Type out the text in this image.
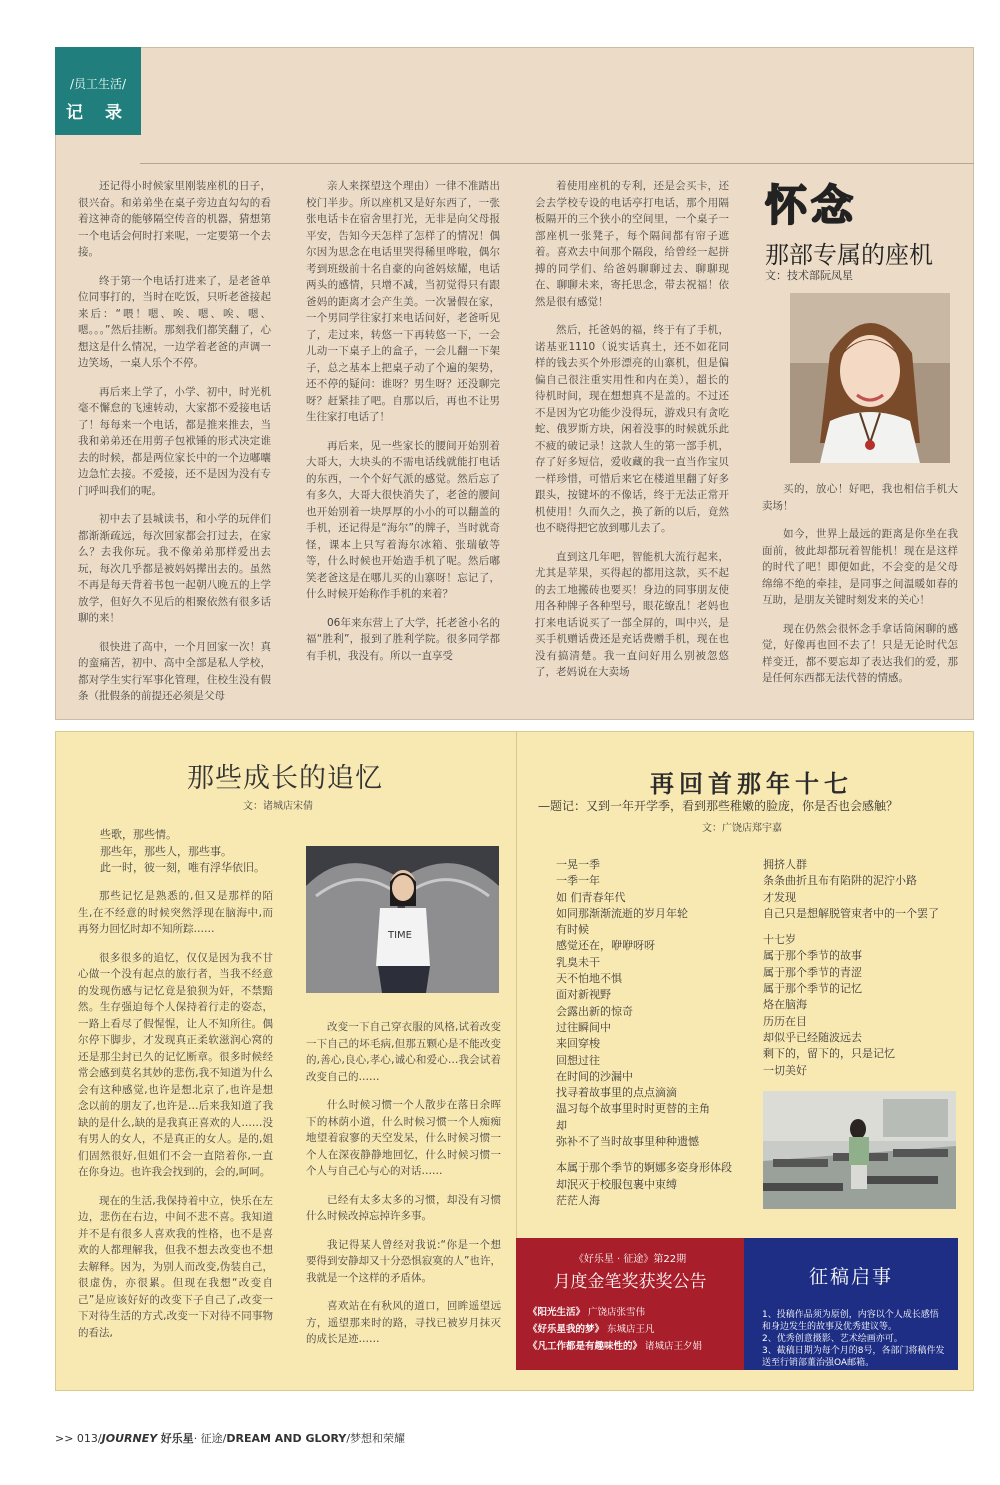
/员工生活/
记 录

还记得小时候家里刚装座机的日子，很兴奋。和弟弟坐在桌子旁边直勾勾的看着这神奇的能够隔空传音的机器，猜想第一个电话会何时打来呢，一定要第一个去接。

终于第一个电话打进来了，是老爸单位同事打的，当时在吃饭，只听老爸接起来后：“喂！嗯、唉、嗯、唉、嗯、嗯。。。”然后挂断。那刻我们都笑翻了，心想这是什么情况，一边学着老爸的声调一边笑场，一桌人乐个不停。

再后来上学了，小学、初中，时光机毫不懈怠的飞速转动，大家都不爱接电话了！每每来一个电话，都是推来推去，当我和弟弟还在用剪子包袱锤的形式决定谁去的时候，都是两位家长中的一个边嘟囔边急忙去接。不爱接，还不是因为没有专门呼叫我们的呢。

初中去了县城读书，和小学的玩伴们都渐渐疏远，每次回家都会打过去，在家么？去我你玩。我不像弟弟那样爱出去玩，每次几乎都是被妈妈撵出去的。虽然不再是每天背着书包一起朝八晚五的上学放学，但好久不见后的相聚依然有很多话聊的来！

很快进了高中，一个月回家一次！真的蛮痛苦，初中、高中全部是私人学校，都对学生实行军事化管理，住校生没有假条（批假条的前提还必须是父母

亲人来探望这个理由）一律不准踏出校门半步。所以座机又是好东西了，一张张电话卡在宿舍里打光，无非是向父母报平安，告知今天怎样了怎样了的情况！偶尔因为思念在电话里哭得稀里哗啦，偶尔考到班级前十名自豪的向爸妈炫耀，电话两头的感情，只增不减，当初觉得只有跟爸妈的距离才会产生美。一次暑假在家，一个男同学往家打来电话问好，老爸听见了，走过来，转悠一下再转悠一下，一会儿动一下桌子上的盒子，一会儿翻一下架子，总之基本上把桌子动了个遍的架势，还不停的疑问：谁呀？男生呀？还没聊完呀？赶紧挂了吧。自那以后，再也不让男生往家打电话了！

再后来，见一些家长的腰间开始别着大哥大，大块头的不需电话线就能打电话的东西，一个个好气派的感觉。然后忘了有多久，大哥大很快消失了，老爸的腰间也开始别着一块厚厚的小小的可以翻盖的手机，还记得是“海尔”的牌子，当时就奇怪，课本上只写着海尔冰箱、张瑞敏等等，什么时候也开始造手机了呢。然后嘟笑老爸这是在哪儿买的山寨呀！忘记了，什么时候开始称作手机的来着？

06年来东营上了大学，托老爸小名的福“胜利”，报到了胜利学院。很多同学都有手机，我没有。所以一直享受

着使用座机的专利，还是会买卡，还会去学校专设的电话亭打电话，那个用隔板隔开的三个狭小的空间里，一个桌子一部座机一张凳子，每个隔间都有帘子遮着。喜欢去中间那个隔段，给曾经一起拼搏的同学们、给爸妈聊聊过去、聊聊现在、聊聊未来，寄托思念，带去祝福！依然是很有感觉！

然后，托爸妈的福，终于有了手机，诺基亚1110（说实话真土，还不如花同样的钱去买个外形漂亮的山寨机，但是偏偏自己很注重实用性和内在美），超长的待机时间，现在想想真不是盖的。不过还不是因为它功能少没得玩，游戏只有贪吃蛇、俄罗斯方块，闲着没事的时候就乐此不疲的破记录！这款人生的第一部手机，存了好多短信，爱收藏的我一直当作宝贝一样珍惜，可惜后来它在楼道里翻了好多跟头，按键坏的不像话，终于无法正常开机使用！久而久之，换了新的以后，竟然也不晓得把它放到哪儿去了。

直到这几年吧，智能机大流行起来，尤其是苹果，买得起的都用这款，买不起的去工地搬砖也要买！身边的同事朋友使用各种牌子各种型号，眼花缭乱！老妈也打来电话说买了一部全屏的，叫中兴，是买手机赠话费还是充话费赠手机，现在也没有搞清楚。我一直问好用么别被忽悠了，老妈说在大卖场

怀念
那部专属的座机
文：技术部阮凤星

买的，放心！好吧，我也相信手机大卖场！

如今，世界上最远的距离是你坐在我面前，彼此却都玩着智能机！现在是这样的时代了吧！即便如此，不会变的是父母绵绵不绝的牵挂，是同事之间温暖如春的互助，是朋友关键时刻发来的关心！

现在仍然会很怀念手拿话筒闲聊的感觉，好像再也回不去了！只是无论时代怎样变迁，都不要忘却了表达我们的爱，那是任何东西都无法代替的情感。

那些成长的追忆
文：诸城店宋倩
些歌，那些情。
那些年，那些人，那些事。
此一时，彼一刻，唯有浮华依旧。

那些记忆是熟悉的,但又是那样的陌生,在不经意的时候突然浮现在脑海中,而再努力回忆时却不知所踪……

很多很多的追忆，仅仅是因为我不甘心做一个没有起点的旅行者，当我不经意的发现伤感与记忆竟是狼狈为奸，不禁黯然。生存强迫每个人保持着行走的姿态，一路上看尽了假惺惺，让人不知所往。偶尔停下脚步，才发现真正柔软滋润心窝的还是那尘封已久的记忆断章。很多时候经常会感到莫名其妙的悲伤,我不知道为什么会有这种感觉,也许是想北京了,也许是想念以前的朋友了,也许是…后来我知道了我缺的是什么,缺的是我真正喜欢的人……没有男人的女人，不是真正的女人。是的,姐们固然很好,但姐们不会一直陪着你,一直在你身边。也许我会找到的，会的,呵呵。

现在的生活,我保持着中立，快乐在左边，悲伤在右边，中间不悲不喜。我知道并不是有很多人喜欢我的性格，也不是喜欢的人都理解我，但我不想去改变也不想去解释。因为，为别人而改变,伪装自己，很虚伪，亦很累。但现在我想“改变自己”是应该好好的改变下子自己了,改变一下对待生活的方式,改变一下对待不同事物的看法,

TIME

改变一下自己穿衣服的风格,试着改变一下自己的坏毛病,但那五颗心是不能改变的,善心,良心,孝心,诚心和爱心…我会试着改变自己的……

什么时候习惯一个人散步在落日余晖下的林荫小道，什么时候习惯一个人痴痴地望着寂寥的天空发呆，什么时候习惯一个人在深夜静静地回忆，什么时候习惯一个人与自己心与心的对话……

已经有太多太多的习惯，却没有习惯什么时候改掉忘掉许多事。

我记得某人曾经对我说:“你是一个想要得到安静却又十分恐惧寂寞的人”也许，我就是一个这样的矛盾体。

喜欢站在有秋风的道口，回眸遥望远方，遥望那来时的路，寻找已被岁月抹灭的成长足迹……

再回首那年十七
—题记：又到一年开学季，看到那些稚嫩的脸庞，你是否也会感触？
文：广饶店郑宇嘉
一晃一季
一季一年
如 们青春年代
如同那渐渐流逝的岁月年轮
有时候
感觉还在，咿咿呀呀
乳臭未干
天不怕地不惧
面对新视野
会露出新的惊奇
过往瞬间中
来回穿梭
回想过往
在时间的沙漏中
找寻着故事里的点点滴滴
温习每个故事里时时更替的主角
却
弥补不了当时故事里种种遗憾
本属于那个季节的婀娜多姿身形体段
却泯灭于校服包裹中束缚
茫茫人海
拥挤人群
条条曲折且布有陷阱的泥泞小路
才发现
自己只是想解脱管束者中的一个罢了
十七岁
属于那个季节的故事
属于那个季节的青涩
属于那个季节的记忆
烙在脑海
历历在目
却似乎已经随波远去
剩下的，留下的，只是记忆
一切美好
《好乐星 · 征途》第22期
月度金笔奖获奖公告
《阳光生活》 广饶店张雪伟
《好乐星我的梦》 东城店王凡
《凡工作都是有趣味性的》 诸城店王夕娟
征稿启事
1、投稿作品须为原创，内容以个人成长感悟和身边发生的故事及优秀建议等。
2、优秀创意摄影、艺术绘画亦可。
3、截稿日期为每个月的8号，各部门将稿件发送至行销部董治强OA邮箱。
>> 013/JOURNEY 好乐星· 征途/DREAM AND GLORY/梦想和荣耀
